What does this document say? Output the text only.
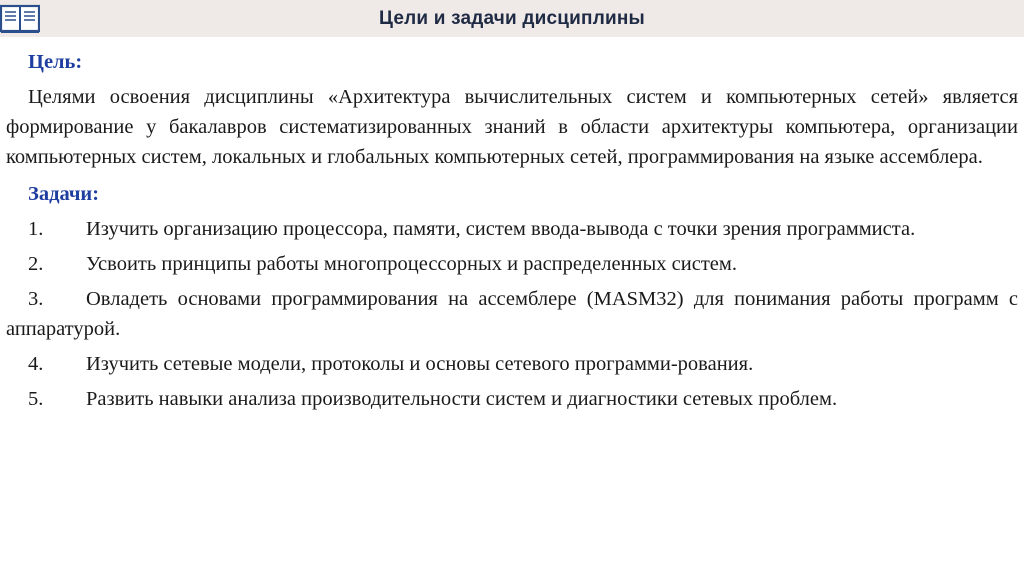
Цели и задачи дисциплины
Цель:

Целями освоения дисциплины «Архитектура вычислительных систем и компьютерных сетей» является формирование у бакалавров систематизированных знаний в области архитектуры компьютера, организации компьютерных систем, локальных и глобальных компьютерных сетей, программирования на языке ассемблера.

Задачи:

1. Изучить организацию процессора, памяти, систем ввода-вывода с точки зрения программиста.

2. Усвоить принципы работы многопроцессорных и распределенных систем.

3. Овладеть основами программирования на ассемблере (MASM32) для понимания работы программ с аппаратурой.

4. Изучить сетевые модели, протоколы и основы сетевого программи-рования.

5. Развить навыки анализа производительности систем и диагностики сетевых проблем.
